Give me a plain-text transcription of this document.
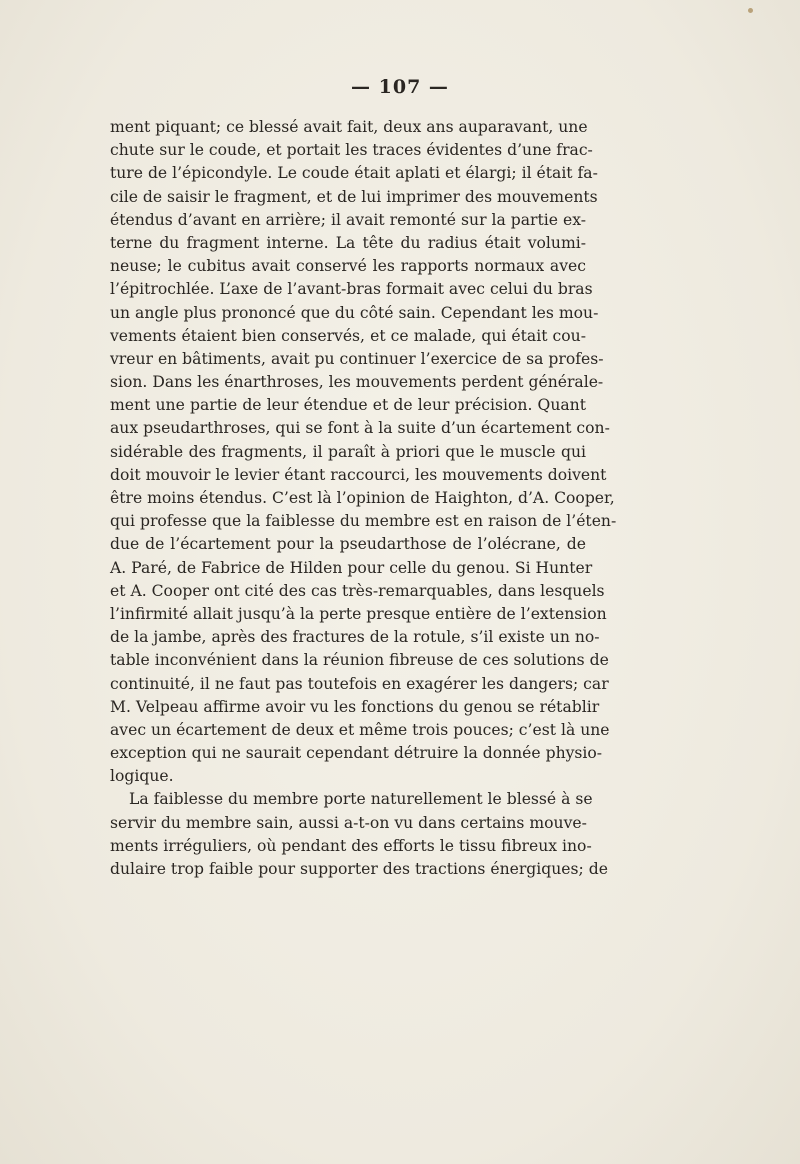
— 107 —
ment piquant; ce blessé avait fait, deux ans auparavant, une
chute sur le coude, et portait les traces évidentes d’une frac-
ture de l’épicondyle. Le coude était aplati et élargi; il était fa-
cile de saisir le fragment, et de lui imprimer des mouvements
étendus d’avant en arrière; il avait remonté sur la partie ex-
terne du fragment interne. La tête du radius était volumi-
neuse; le cubitus avait conservé les rapports normaux avec
l’épitrochlée. L’axe de l’avant-bras formait avec celui du bras
un angle plus prononcé que du côté sain. Cependant les mou-
vements étaient bien conservés, et ce malade, qui était cou-
vreur en bâtiments, avait pu continuer l’exercice de sa profes-
sion. Dans les énarthroses, les mouvements perdent générale-
ment une partie de leur étendue et de leur précision. Quant
aux pseudarthroses, qui se font à la suite d’un écartement con-
sidérable des fragments, il paraît à priori que le muscle qui
doit mouvoir le levier étant raccourci, les mouvements doivent
être moins étendus. C’est là l’opinion de Haighton, d’A. Cooper,
qui professe que la faiblesse du membre est en raison de l’éten-
due de l’écartement pour la pseudarthose de l’olécrane, de
A. Paré, de Fabrice de Hilden pour celle du genou. Si Hunter
et A. Cooper ont cité des cas très-remarquables, dans lesquels
l’infirmité allait jusqu’à la perte presque entière de l’extension
de la jambe, après des fractures de la rotule, s’il existe un no-
table inconvénient dans la réunion fibreuse de ces solutions de
continuité, il ne faut pas toutefois en exagérer les dangers; car
M. Velpeau affirme avoir vu les fonctions du genou se rétablir
avec un écartement de deux et même trois pouces; c’est là une
exception qui ne saurait cependant détruire la donnée physio-
logique.
La faiblesse du membre porte naturellement le blessé à se
servir du membre sain, aussi a-t-on vu dans certains mouve-
ments irréguliers, où pendant des efforts le tissu fibreux ino-
dulaire trop faible pour supporter des tractions énergiques; de
